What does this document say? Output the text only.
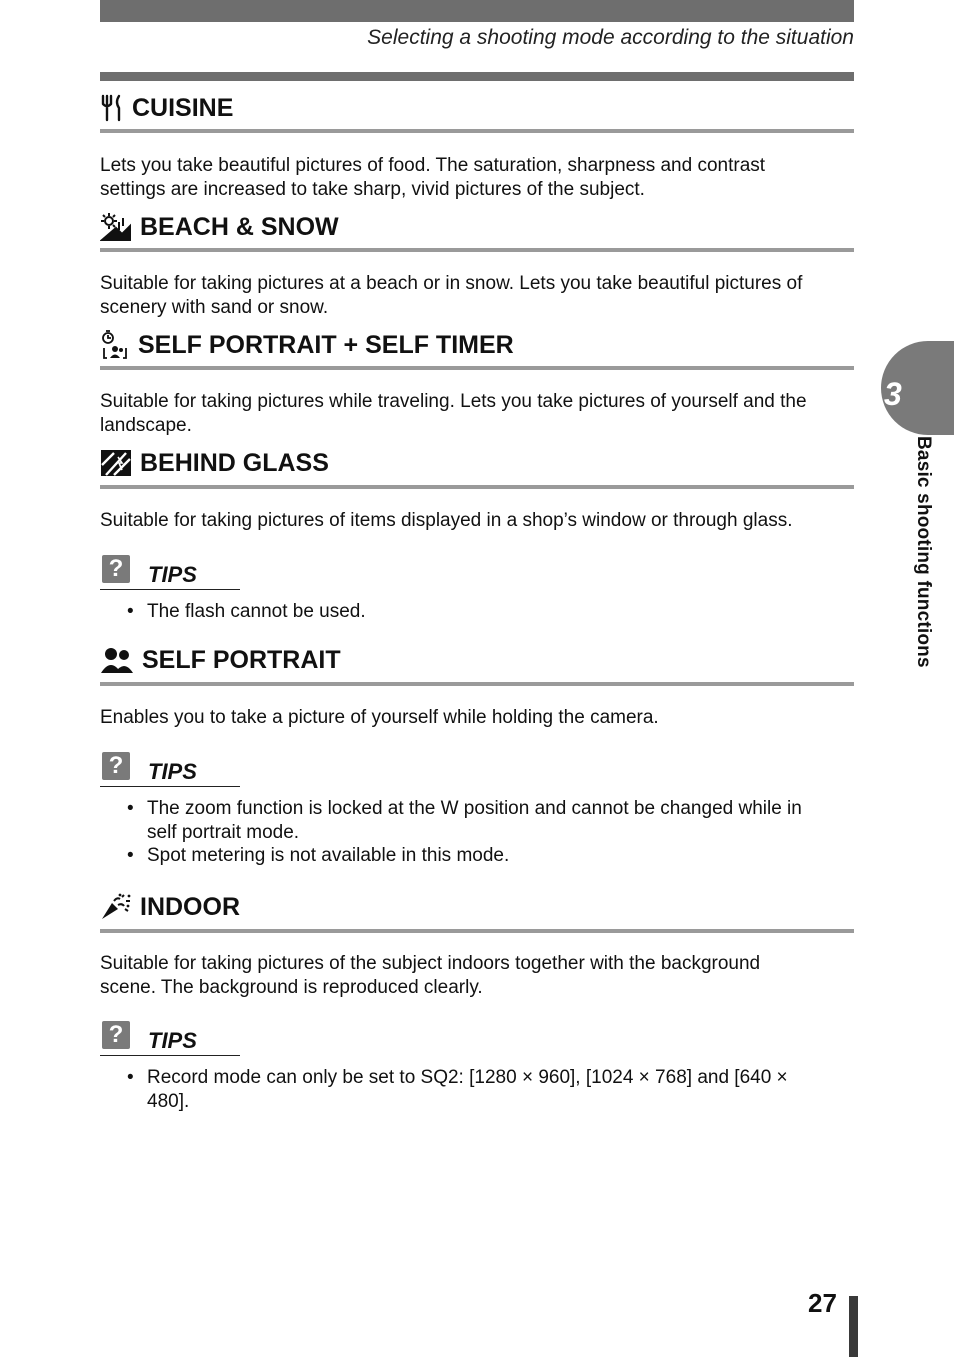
Selecting a shooting mode according to the situation
CUISINE
Lets you take beautiful pictures of food. The saturation, sharpness and contrast
settings are increased to take sharp, vivid pictures of the subject.
BEACH & SNOW
Suitable for taking pictures at a beach or in snow. Lets you take beautiful pictures of
scenery with sand or snow.
SELF PORTRAIT + SELF TIMER
Suitable for taking pictures while traveling. Lets you take pictures of yourself and the
landscape.
BEHIND GLASS
Suitable for taking pictures of items displayed in a shop’s window or through glass.
?	TIPS
• The flash cannot be used.
SELF PORTRAIT
Enables you to take a picture of yourself while holding the camera.
?	TIPS
• The zoom function is locked at the W position and cannot be changed while in
self portrait mode.
• Spot metering is not available in this mode.
INDOOR
Suitable for taking pictures of the subject indoors together with the background
scene. The background is reproduced clearly.
?	TIPS
• Record mode can only be set to SQ2: [1280 × 960], [1024 × 768] and [640 ×
480].
3
Basic shooting functions
27
